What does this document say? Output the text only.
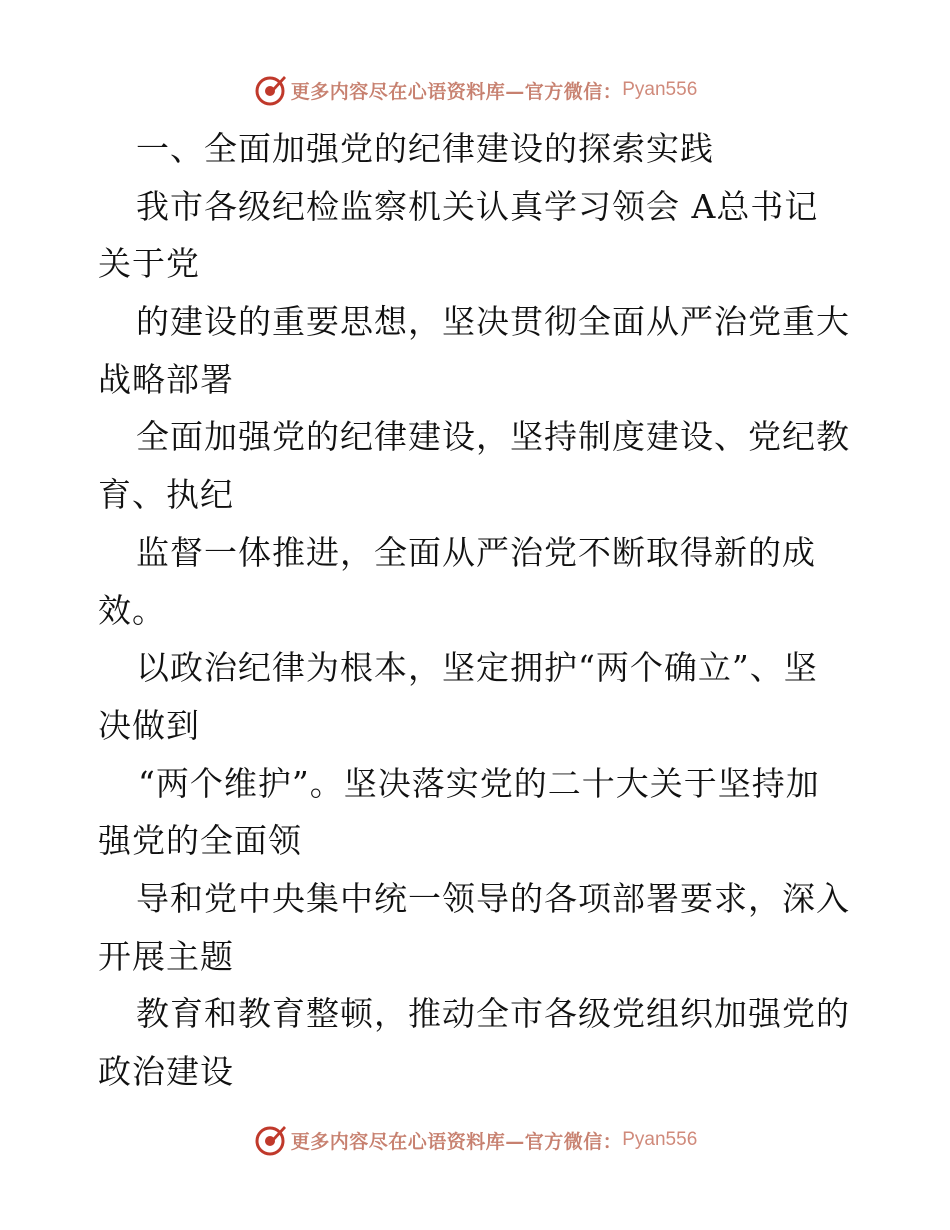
更多内容尽在心语资料库—官方微信： Pyan556
一、全面加强党的纪律建设的探索实践
我市各级纪检监察机关认真学习领会 A总书记
关于党
的建设的重要思想，坚决贯彻全面从严治党重大
战略部署
全面加强党的纪律建设，坚持制度建设、党纪教
育、执纪
监督一体推进，全面从严治党不断取得新的成
效。
以政治纪律为根本，坚定拥护“两个确立”、坚
决做到
“两个维护”。坚决落实党的二十大关于坚持加
强党的全面领
导和党中央集中统一领导的各项部署要求，深入
开展主题
教育和教育整顿，推动全市各级党组织加强党的
政治建设
更多内容尽在心语资料库—官方微信： Pyan556
